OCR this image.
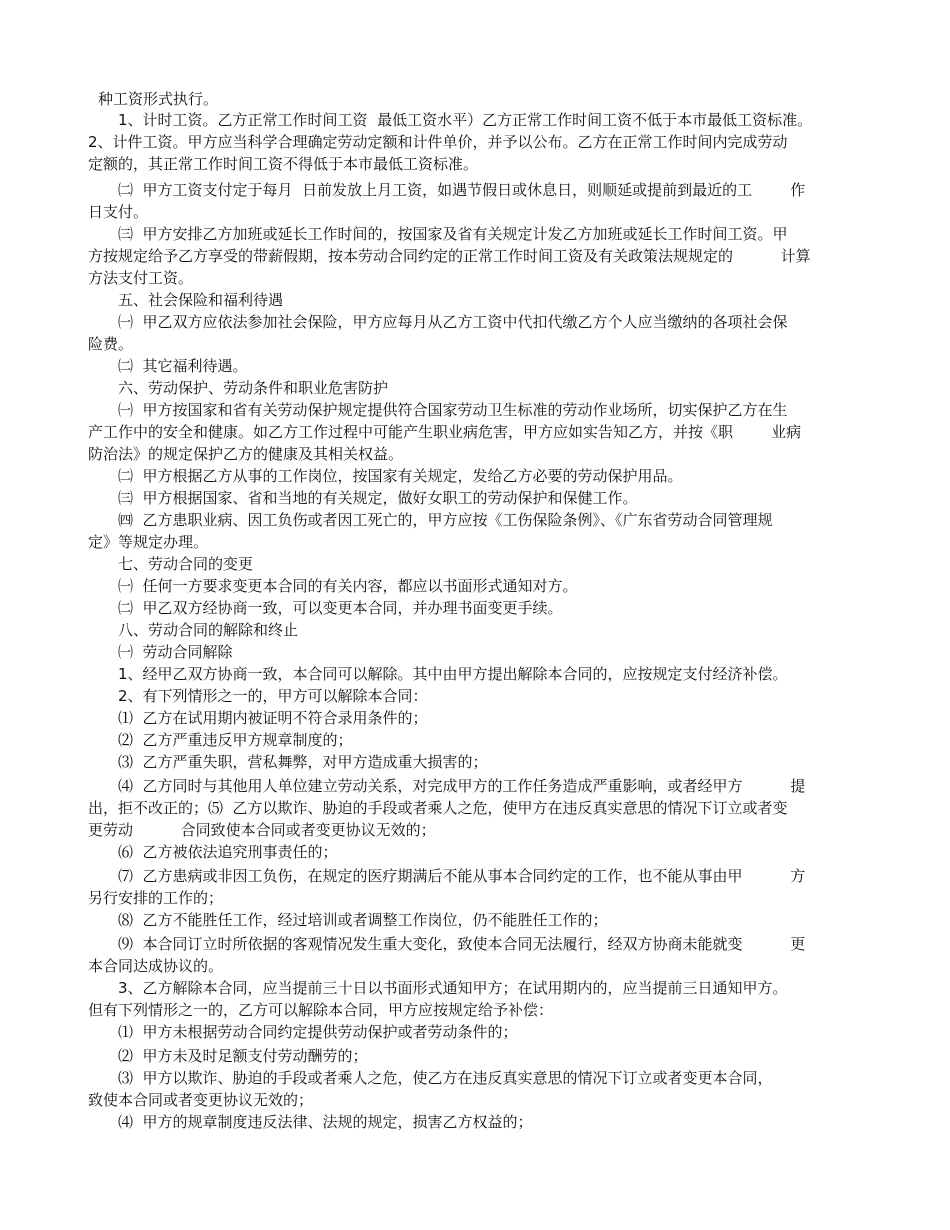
种工资形式执行。
1、计时工资。乙方正常工作时间工资  最低工资水平）乙方正常工作时间工资不低于本市最低工资标准。
2、计件工资。甲方应当科学合理确定劳动定额和计件单价，并予以公布。乙方在正常工作时间内完成劳动
定额的，其正常工作时间工资不得低于本市最低工资标准。
㈡  甲方工资支付定于每月  日前发放上月工资，如遇节假日或休息日，则顺延或提前到最近的工        作
日支付。
㈢  甲方安排乙方加班或延长工作时间的，按国家及省有关规定计发乙方加班或延长工作时间工资。甲
方按规定给予乙方享受的带薪假期，按本劳动合同约定的正常工作时间工资及有关政策法规规定的          计算
方法支付工资。
五、社会保险和福利待遇
㈠  甲乙双方应依法参加社会保险，甲方应每月从乙方工资中代扣代缴乙方个人应当缴纳的各项社会保
险费。
㈡  其它福利待遇。
六、劳动保护、劳动条件和职业危害防护
㈠  甲方按国家和省有关劳动保护规定提供符合国家劳动卫生标准的劳动作业场所，切实保护乙方在生
产工作中的安全和健康。如乙方工作过程中可能产生职业病危害，甲方应如实告知乙方，并按《职        业病
防治法》的规定保护乙方的健康及其相关权益。
㈡  甲方根据乙方从事的工作岗位，按国家有关规定，发给乙方必要的劳动保护用品。
㈢  甲方根据国家、省和当地的有关规定，做好女职工的劳动保护和保健工作。
㈣  乙方患职业病、因工负伤或者因工死亡的，甲方应按《工伤保险条例》、《广东省劳动合同管理规
定》等规定办理。
七、劳动合同的变更
㈠  任何一方要求变更本合同的有关内容，都应以书面形式通知对方。
㈡  甲乙双方经协商一致，可以变更本合同，并办理书面变更手续。
八、劳动合同的解除和终止
㈠  劳动合同解除
1、经甲乙双方协商一致，本合同可以解除。其中由甲方提出解除本合同的，应按规定支付经济补偿。
2、有下列情形之一的，甲方可以解除本合同：
⑴  乙方在试用期内被证明不符合录用条件的；
⑵  乙方严重违反甲方规章制度的；
⑶  乙方严重失职，营私舞弊，对甲方造成重大损害的；
⑷  乙方同时与其他用人单位建立劳动关系，对完成甲方的工作任务造成严重影响，或者经甲方          提
出，拒不改正的；⑸  乙方以欺诈、胁迫的手段或者乘人之危，使甲方在违反真实意思的情况下订立或者变
更劳动          合同致使本合同或者变更协议无效的；
⑹  乙方被依法追究刑事责任的；
⑺  乙方患病或非因工负伤，在规定的医疗期满后不能从事本合同约定的工作，也不能从事由甲          方
另行安排的工作的；
⑻  乙方不能胜任工作，经过培训或者调整工作岗位，仍不能胜任工作的；
⑼  本合同订立时所依据的客观情况发生重大变化，致使本合同无法履行，经双方协商未能就变          更
本合同达成协议的。
3、乙方解除本合同，应当提前三十日以书面形式通知甲方；在试用期内的，应当提前三日通知甲方。
但有下列情形之一的，乙方可以解除本合同，甲方应按规定给予补偿：
⑴  甲方未根据劳动合同约定提供劳动保护或者劳动条件的；
⑵  甲方未及时足额支付劳动酬劳的；
⑶  甲方以欺诈、胁迫的手段或者乘人之危，使乙方在违反真实意思的情况下订立或者变更本合同，
致使本合同或者变更协议无效的；
⑷  甲方的规章制度违反法律、法规的规定，损害乙方权益的；
